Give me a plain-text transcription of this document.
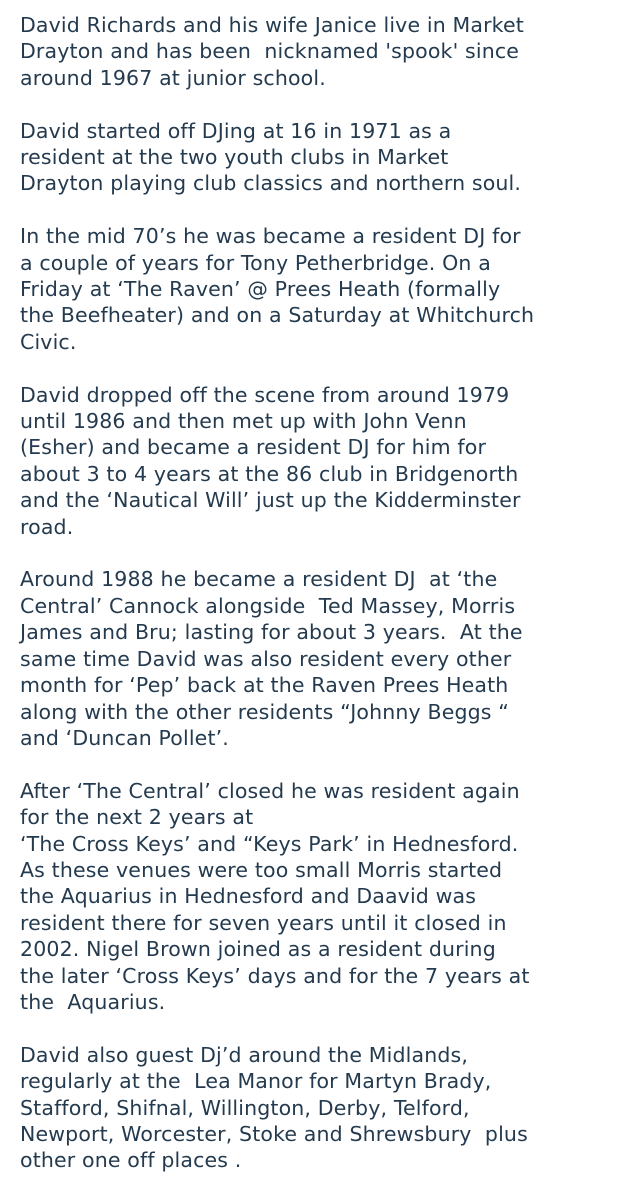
David Richards and his wife Janice live in Market
Drayton and has been  nicknamed 'spook' since
around 1967 at junior school.

David started off DJing at 16 in 1971 as a
resident at the two youth clubs in Market
Drayton playing club classics and northern soul.

In the mid 70’s he was became a resident DJ for
a couple of years for Tony Petherbridge. On a
Friday at ‘The Raven’ @ Prees Heath (formally
the Beefheater) and on a Saturday at Whitchurch
Civic.

David dropped off the scene from around 1979
until 1986 and then met up with John Venn
(Esher) and became a resident DJ for him for
about 3 to 4 years at the 86 club in Bridgenorth
and the ‘Nautical Will’ just up the Kidderminster
road.

Around 1988 he became a resident DJ  at ‘the
Central’ Cannock alongside  Ted Massey, Morris
James and Bru; lasting for about 3 years.  At the
same time David was also resident every other
month for ‘Pep’ back at the Raven Prees Heath
along with the other residents “Johnny Beggs “
and ‘Duncan Pollet’.

After ‘The Central’ closed he was resident again
for the next 2 years at
‘The Cross Keys’ and “Keys Park’ in Hednesford.
As these venues were too small Morris started
the Aquarius in Hednesford and Daavid was
resident there for seven years until it closed in
2002. Nigel Brown joined as a resident during
the later ‘Cross Keys’ days and for the 7 years at
the  Aquarius.

David also guest Dj’d around the Midlands,
regularly at the  Lea Manor for Martyn Brady,
Stafford, Shifnal, Willington, Derby, Telford,
Newport, Worcester, Stoke and Shrewsbury  plus
other one off places .
